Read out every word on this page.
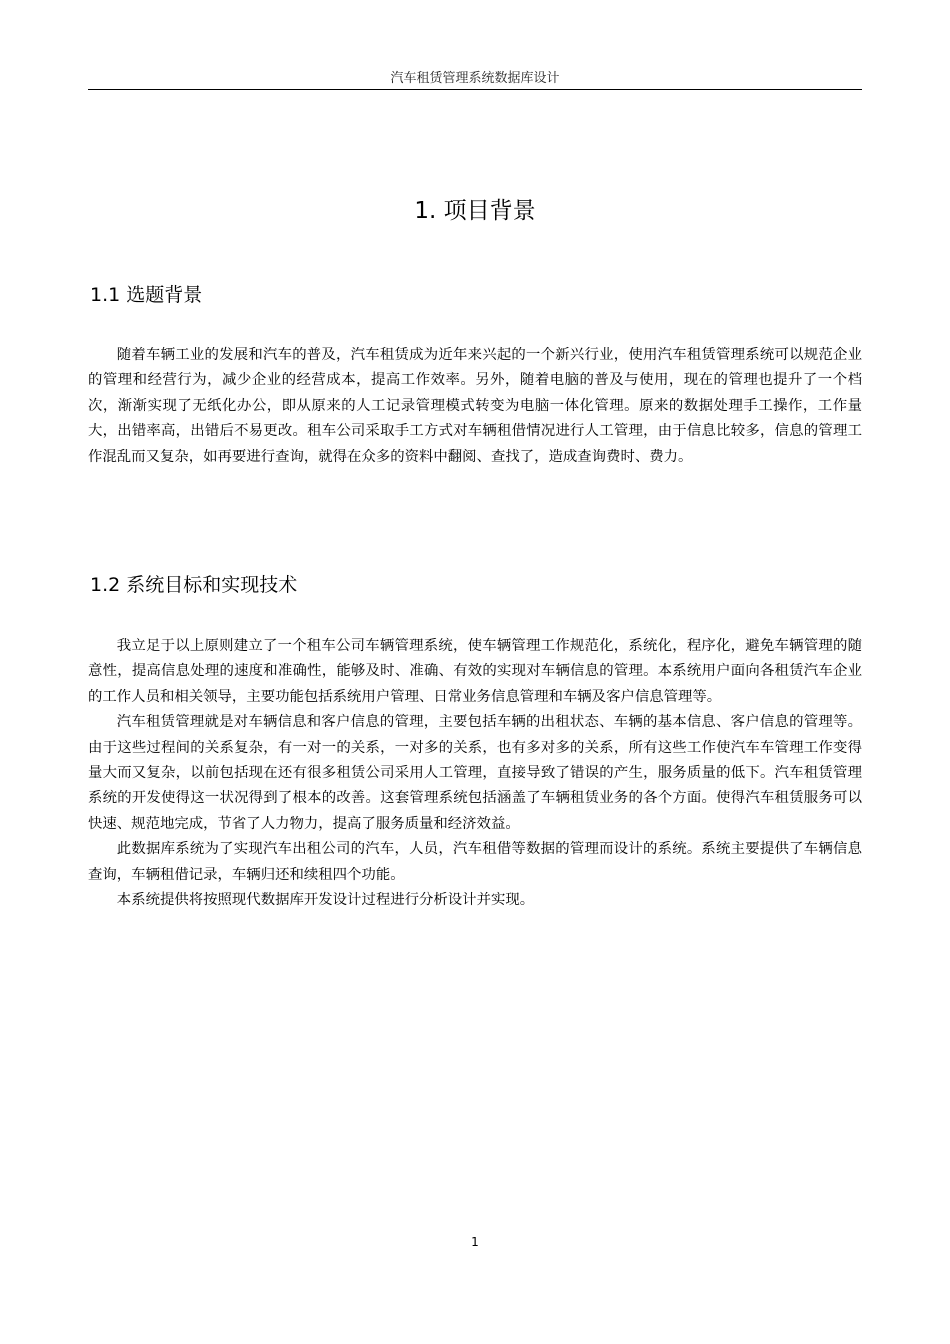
汽车租赁管理系统数据库设计
1. 项目背景
1.1 选题背景

随着车辆工业的发展和汽车的普及，汽车租赁成为近年来兴起的一个新兴行业，使用汽车租赁管理系统可以规范企业的管理和经营行为，减少企业的经营成本，提高工作效率。另外，随着电脑的普及与使用，现在的管理也提升了一个档次，渐渐实现了无纸化办公，即从原来的人工记录管理模式转变为电脑一体化管理。原来的数据处理手工操作，工作量大，出错率高，出错后不易更改。租车公司采取手工方式对车辆租借情况进行人工管理，由于信息比较多，信息的管理工作混乱而又复杂，如再要进行查询，就得在众多的资料中翻阅、查找了，造成查询费时、费力。

1.2 系统目标和实现技术

我立足于以上原则建立了一个租车公司车辆管理系统，使车辆管理工作规范化，系统化，程序化，避免车辆管理的随意性，提高信息处理的速度和准确性，能够及时、准确、有效的实现对车辆信息的管理。本系统用户面向各租赁汽车企业的工作人员和相关领导，主要功能包括系统用户管理、日常业务信息管理和车辆及客户信息管理等。

汽车租赁管理就是对车辆信息和客户信息的管理，主要包括车辆的出租状态、车辆的基本信息、客户信息的管理等。由于这些过程间的关系复杂，有一对一的关系，一对多的关系，也有多对多的关系，所有这些工作使汽车车管理工作变得量大而又复杂，以前包括现在还有很多租赁公司采用人工管理，直接导致了错误的产生，服务质量的低下。汽车租赁管理系统的开发使得这一状况得到了根本的改善。这套管理系统包括涵盖了车辆租赁业务的各个方面。使得汽车租赁服务可以快速、规范地完成，节省了人力物力，提高了服务质量和经济效益。

此数据库系统为了实现汽车出租公司的汽车，人员，汽车租借等数据的管理而设计的系统。系统主要提供了车辆信息查询，车辆租借记录，车辆归还和续租四个功能。

本系统提供将按照现代数据库开发设计过程进行分析设计并实现。

1
